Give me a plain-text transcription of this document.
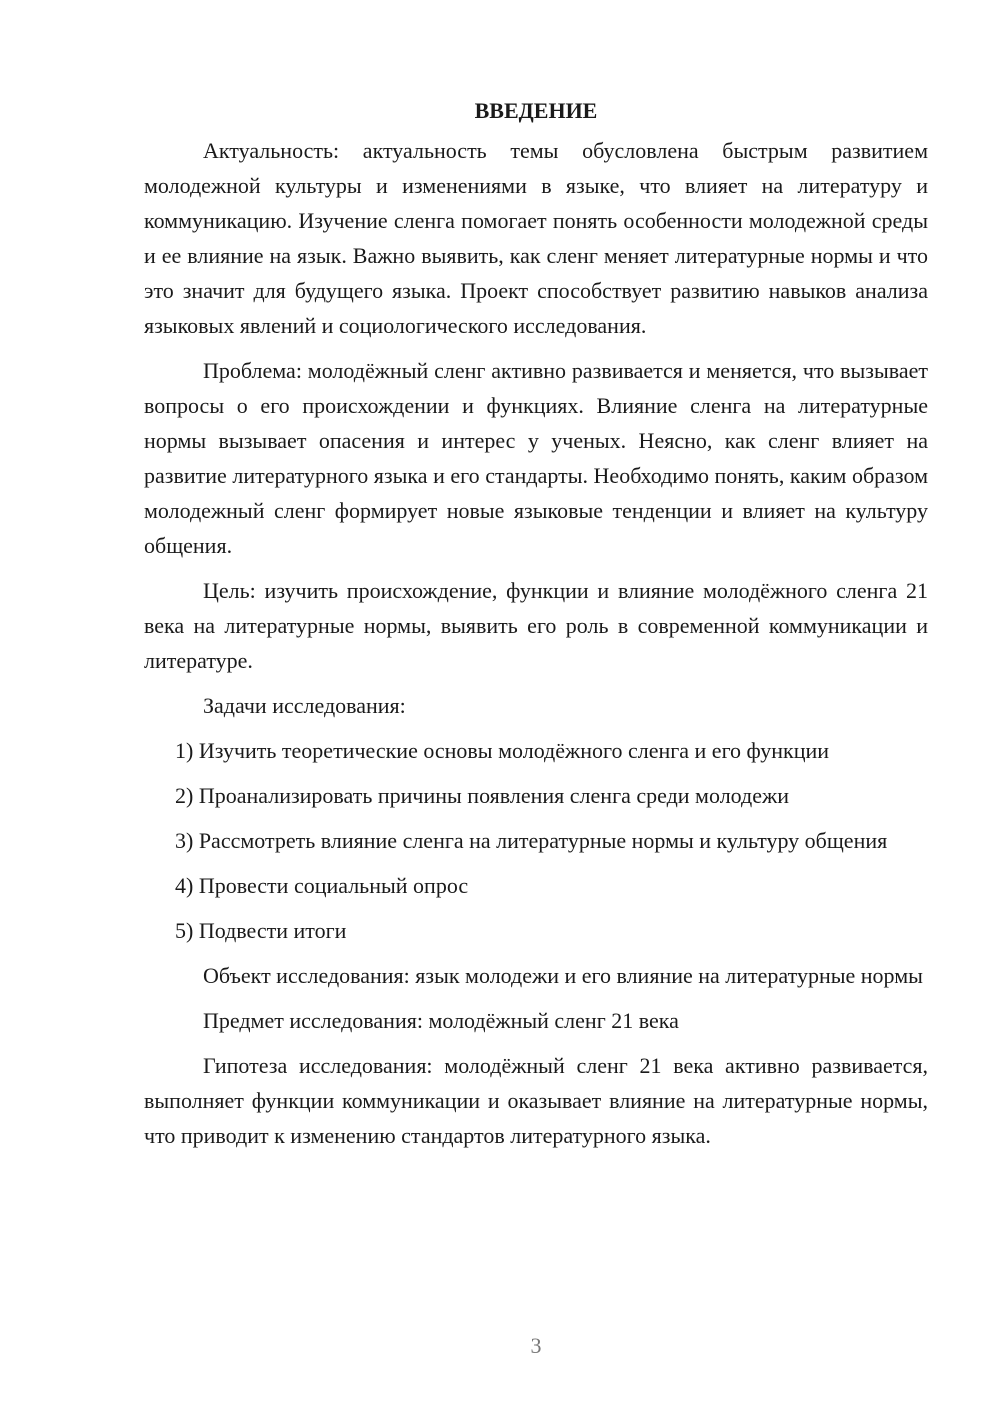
ВВЕДЕНИЕ

Актуальность: актуальность темы обусловлена быстрым развитием молодежной культуры и изменениями в языке, что влияет на литературу и коммуникацию. Изучение сленга помогает понять особенности молодежной среды и ее влияние на язык. Важно выявить, как сленг меняет литературные нормы и что это значит для будущего языка. Проект способствует развитию навыков анализа языковых явлений и социологического исследования.

Проблема: молодёжный сленг активно развивается и меняется, что вызывает вопросы о его происхождении и функциях. Влияние сленга на литературные нормы вызывает опасения и интерес у ученых. Неясно, как сленг влияет на развитие литературного языка и его стандарты. Необходимо понять, каким образом молодежный сленг формирует новые языковые тенденции и влияет на культуру общения.

Цель: изучить происхождение, функции и влияние молодёжного сленга 21 века на литературные нормы, выявить его роль в современной коммуникации и литературе.

Задачи исследования:

1) Изучить теоретические основы молодёжного сленга и его функции

2) Проанализировать причины появления сленга среди молодежи

3) Рассмотреть влияние сленга на литературные нормы и культуру общения

4) Провести социальный опрос

5) Подвести итоги

Объект исследования: язык молодежи и его влияние на литературные нормы

Предмет исследования: молодёжный сленг 21 века

Гипотеза исследования: молодёжный сленг 21 века активно развивается, выполняет функции коммуникации и оказывает влияние на литературные нормы, что приводит к изменению стандартов литературного языка.

3
